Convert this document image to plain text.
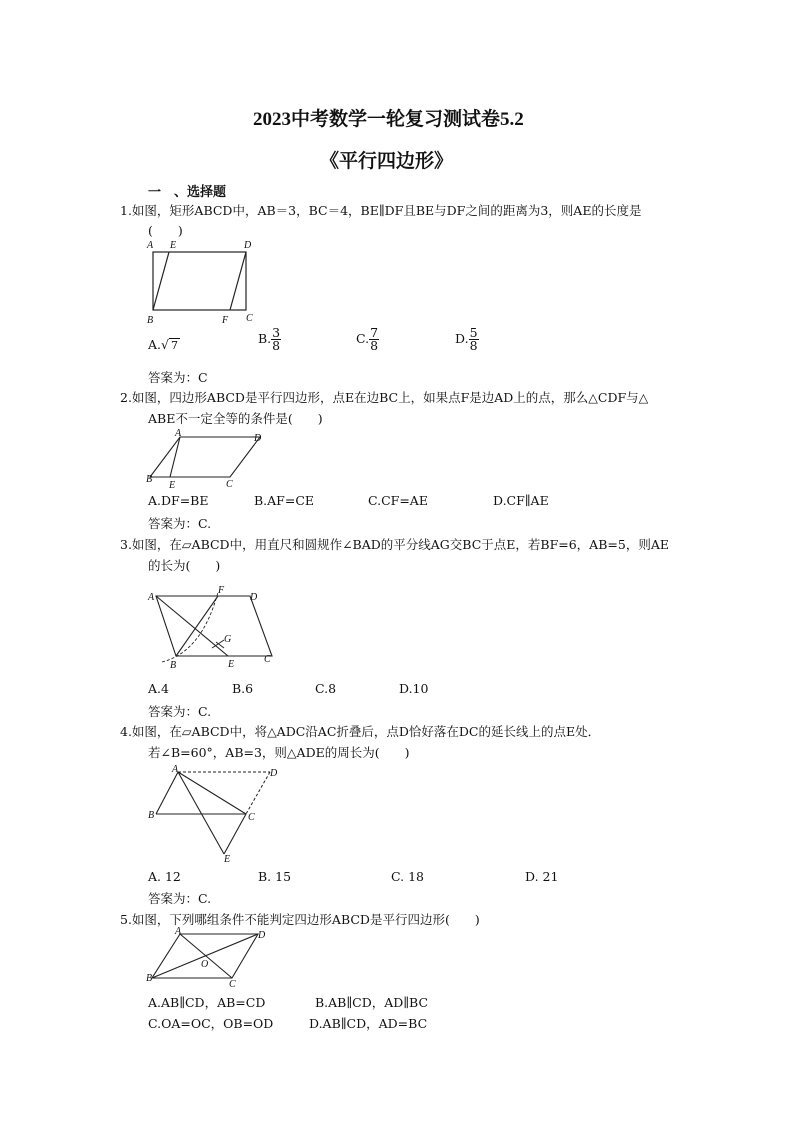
2023中考数学一轮复习测试卷5.2
《平行四边形》
一　、选择题
1.如图，矩形ABCD中，AB＝3，BC＝4，BE∥DF且BE与DF之间的距离为3，则AE的长度是
(　　)
A E	D
B	F C
A.√ 7	B. $\frac{3}{8}$	C. $\frac{7}{8}$	D. $\frac{5}{8}$
答案为：C
2.如图，四边形ABCD是平行四边形，点E在边BC上，如果点F是边AD上的点，那么△CDF与△
ABE不一定全等的条件是(　　)
A	D
B
E	C
A.DF=BE	B.AF=CE	C.CF=AE	D.CF∥AE
答案为：C.
3.如图，在▱ABCD中，用直尺和圆规作∠BAD的平分线AG交BC于点E，若BF=6，AB=5，则AE
的长为(　　)
A
F
D
G
B	E	C
A.4	B.6	C.8	D.10
答案为：C.
4.如图，在▱ABCD中，将△ADC沿AC折叠后，点D恰好落在DC的延长线上的点E处．
若∠B=60°，AB=3，则△ADE的周长为(　　)
A	D
B	C
E
A. 12	B. 15	C. 18	D. 21
答案为：C.
5.如图，下列哪组条件不能判定四边形ABCD是平行四边形(　　)
A	D
O
B
C
A.AB∥CD，AB=CD	B.AB∥CD，AD∥BC
C.OA=OC，OB=OD	D.AB∥CD，AD=BC
